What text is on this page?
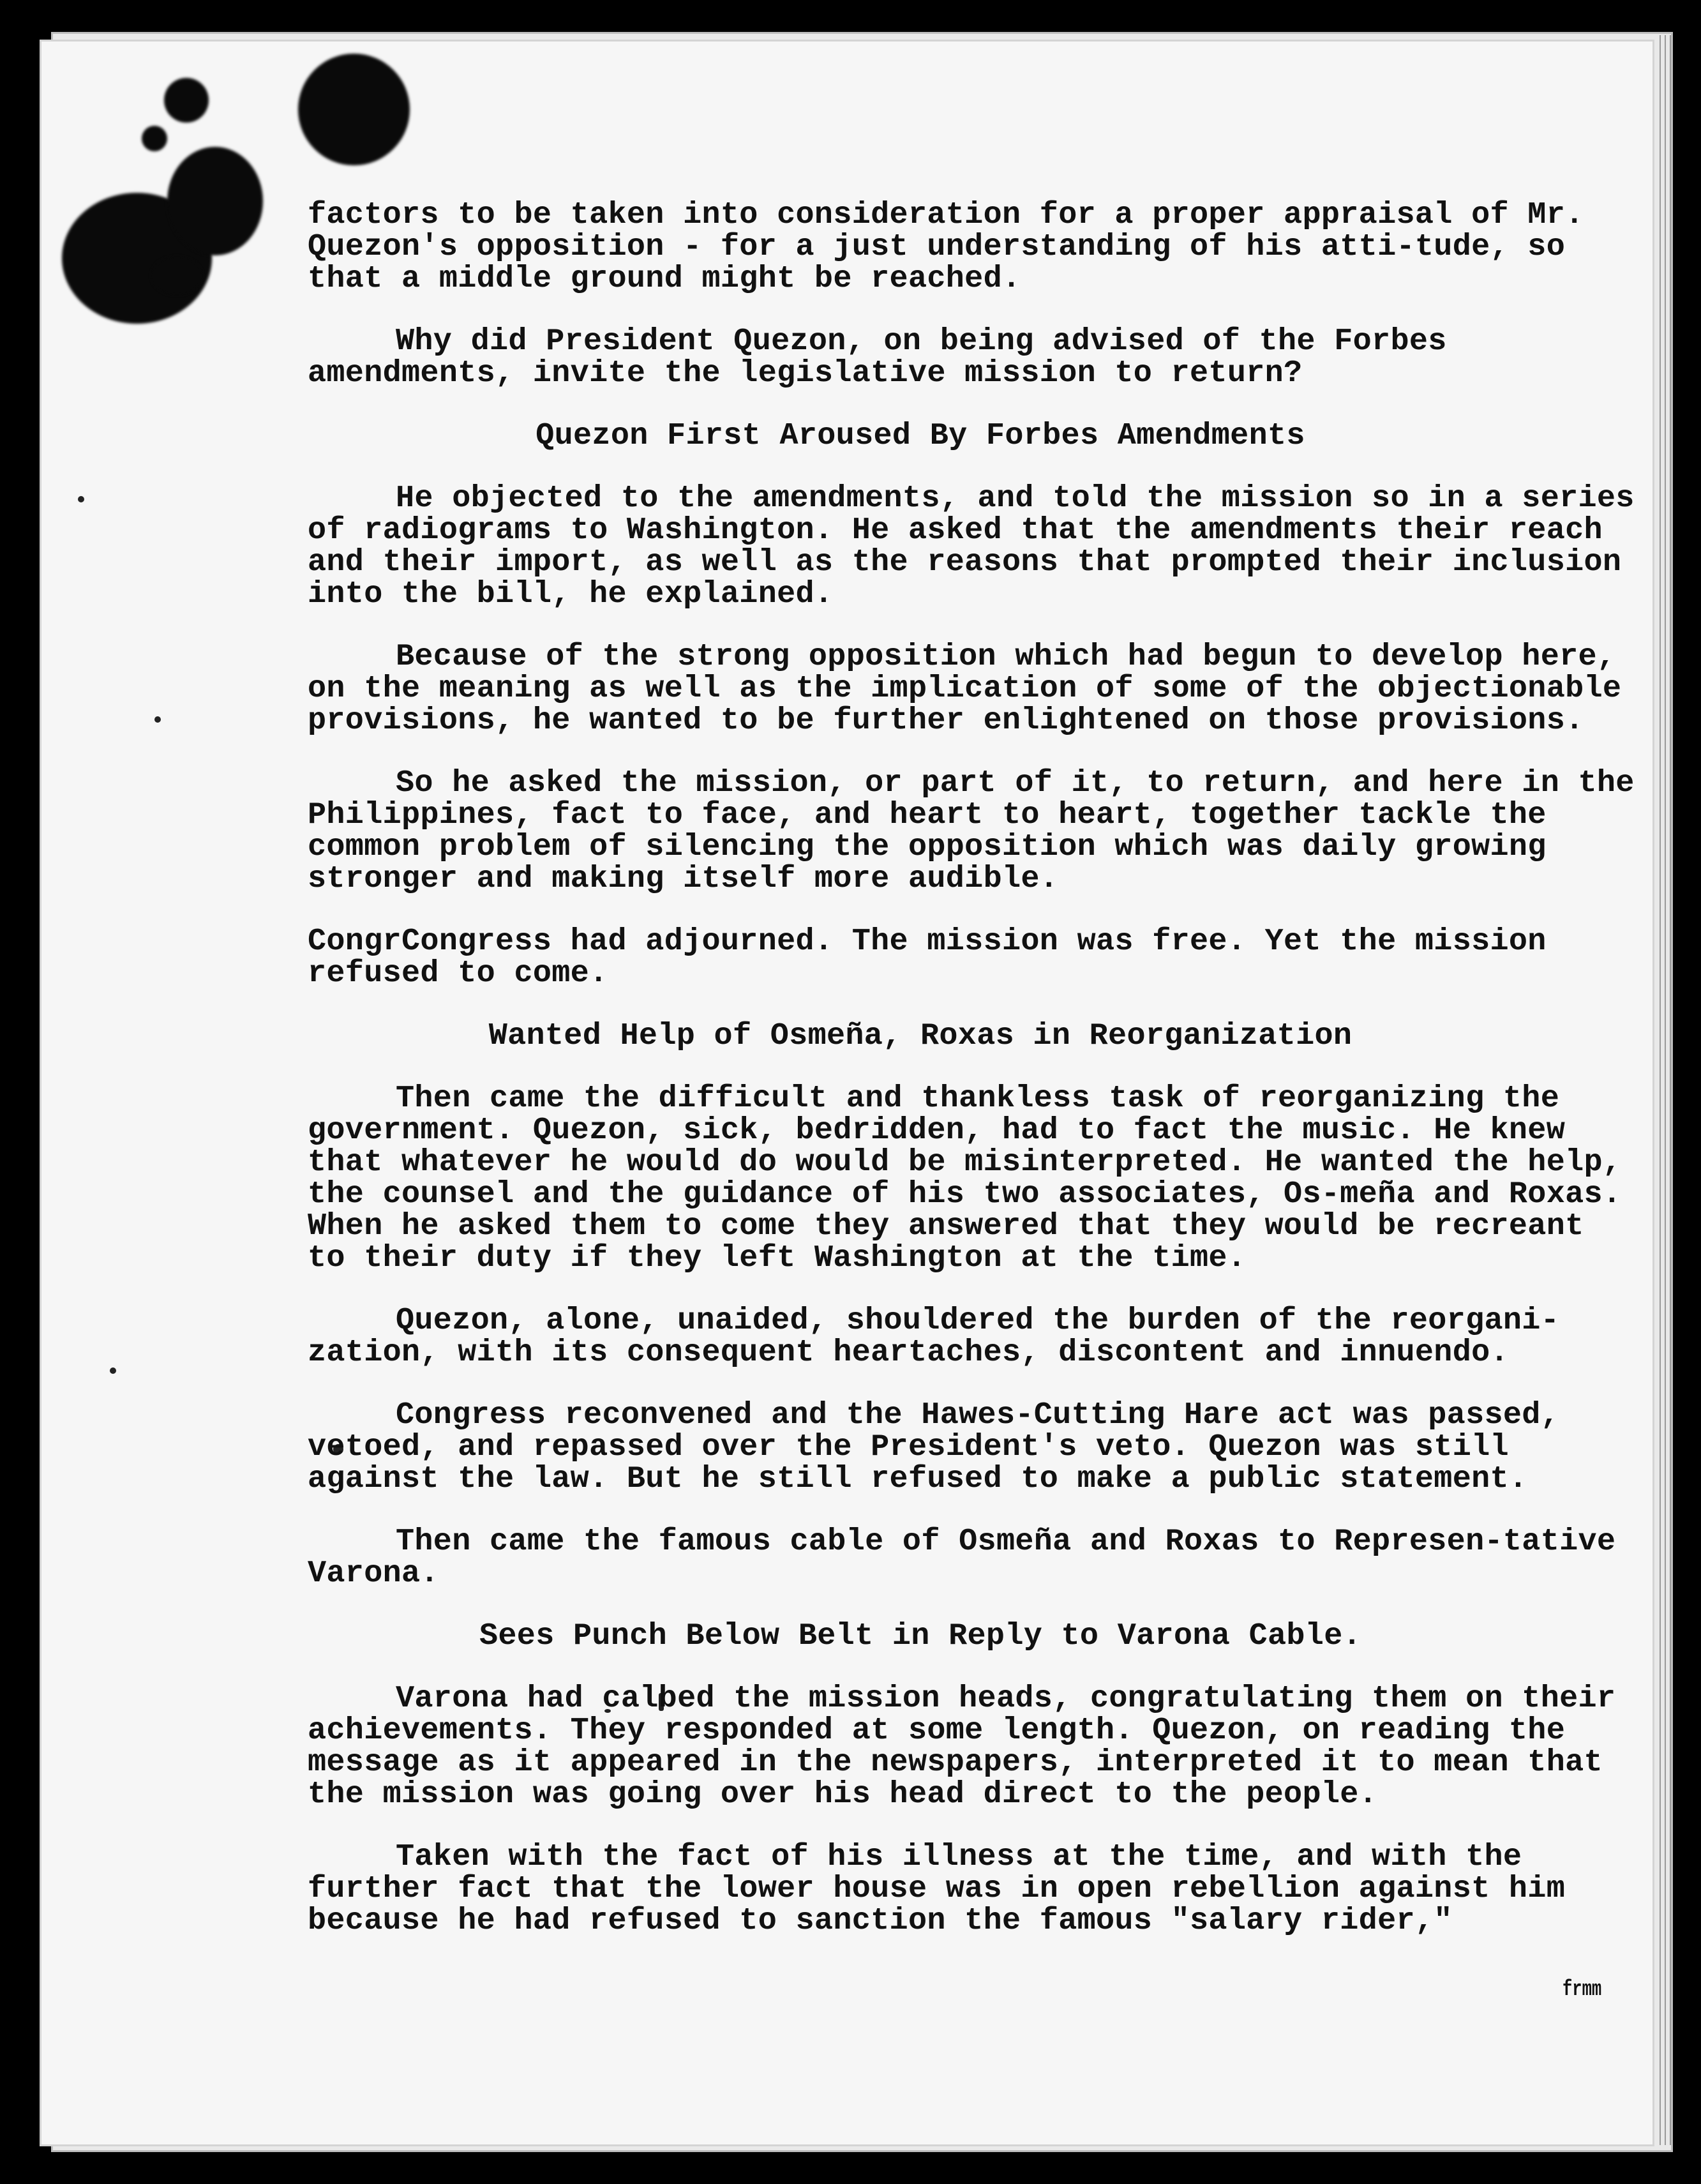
factors to be taken into consideration for a proper appraisal of Mr. Quezon's opposition - for a just understanding of his atti-tude, so that a middle ground might be reached.

Why did President Quezon, on being advised of the Forbes amendments, invite the legislative mission to return?

Quezon First Aroused By Forbes Amendments

He objected to the amendments, and told the mission so in a series of radiograms to Washington. He asked that the amendments their reach and their import, as well as the reasons that prompted their inclusion into the bill, he explained.

Because of the strong opposition which had begun to develop here, on the meaning as well as the implication of some of the objectionable provisions, he wanted to be further enlightened on those provisions.

So he asked the mission, or part of it, to return, and here in the Philippines, fact to face, and heart to heart, together tackle the common problem of silencing the opposition which was daily growing stronger and making itself more audible.

CongrCongress had adjourned. The mission was free. Yet the mission refused to come.

Wanted Help of Osmeña, Roxas in Reorganization

Then came the difficult and thankless task of reorganizing the government. Quezon, sick, bedridden, had to fact the music. He knew that whatever he would do would be misinterpreted. He wanted the help, the counsel and the guidance of his two associates, Os-meña and Roxas. When he asked them to come they answered that they would be recreant to their duty if they left Washington at the time.

Quezon, alone, unaided, shouldered the burden of the reorgani-zation, with its consequent heartaches, discontent and innuendo.

Congress reconvened and the Hawes-Cutting Hare act was passed, vetoed, and repassed over the President's veto. Quezon was still against the law. But he still refused to make a public statement.

Then came the famous cable of Osmeña and Roxas to Represen-tative Varona.

Sees Punch Below Belt in Reply to Varona Cable.

Varona had calbed the mission heads, congratulating them on their achievements. They responded at some length. Quezon, on reading the message as it appeared in the newspapers, interpreted it to mean that the mission was going over his head direct to the people.

Taken with the fact of his illness at the time, and with the further fact that the lower house was in open rebellion against him because he had refused to sanction the famous "salary rider,"

frmm
